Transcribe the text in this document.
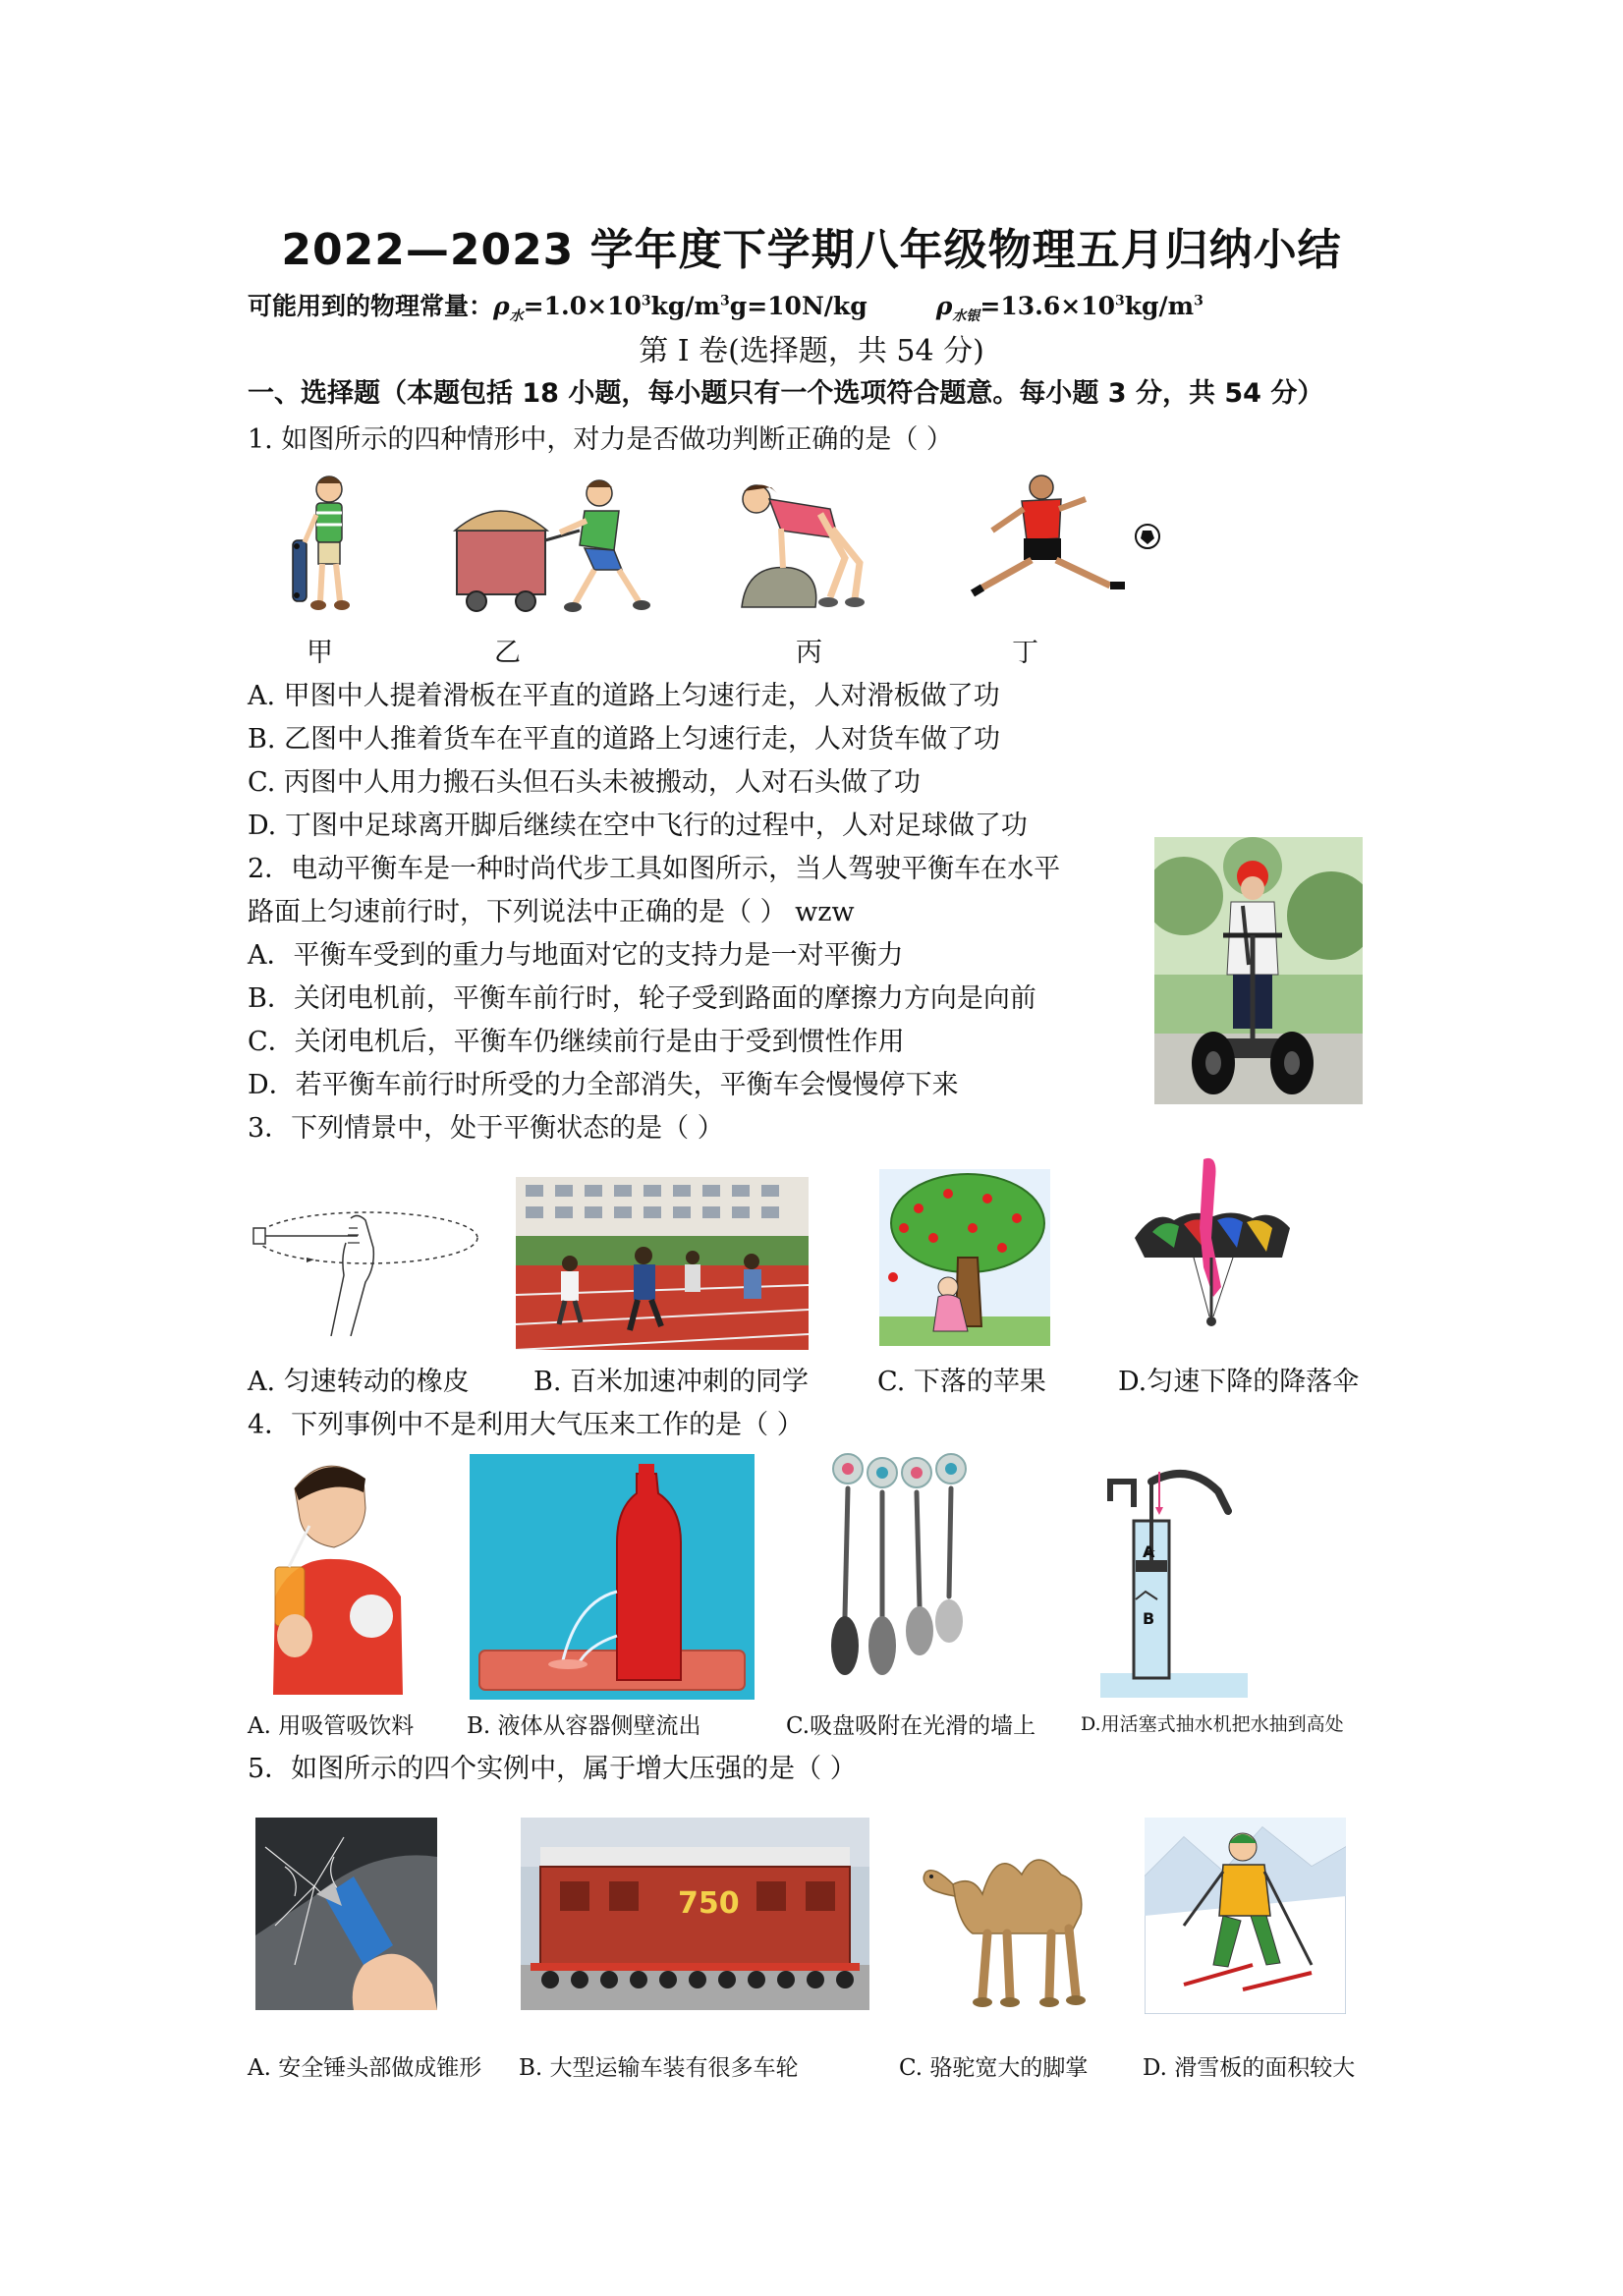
2022—2023 学年度下学期八年级物理五月归纳小结
可能用到的物理常量：$\rho_水=1.0\times 10^3kg/m^3g=10N/kg$	$\rho_{水银}=13.6\times 10^3kg/m^3$
第 I 卷(选择题，共 54 分)
一、选择题（本题包括 18 小题，每小题只有一个选项符合题意。每小题 3 分，共 54 分）
1. 如图所示的四种情形中，对力是否做功判断正确的是（ ）
甲	乙	丙	丁
A. 甲图中人提着滑板在平直的道路上匀速行走，人对滑板做了功
B. 乙图中人推着货车在平直的道路上匀速行走，人对货车做了功
C. 丙图中人用力搬石头但石头未被搬动，人对石头做了功
D. 丁图中足球离开脚后继续在空中飞行的过程中，人对足球做了功
2．电动平衡车是一种时尚代步工具如图所示，当人驾驶平衡车在水平
路面上匀速前行时，下列说法中正确的是（ ） wzw
A．平衡车受到的重力与地面对它的支持力是一对平衡力
B．关闭电机前，平衡车前行时，轮子受到路面的摩擦力方向是向前
C．关闭电机后，平衡车仍继续前行是由于受到惯性作用
D．若平衡车前行时所受的力全部消失，平衡车会慢慢停下来
3．下列情景中，处于平衡状态的是（ ）
A. 匀速转动的橡皮 B. 百米加速冲刺的同学	C. 下落的苹果	D.匀速下降的降落伞
4．下列事例中不是利用大气压来工作的是（ ）
A
B
A. 用吸管吸饮料 B. 液体从容器侧壁流出	C.吸盘吸附在光滑的墙上 D.用活塞式抽水机把水抽到高处
5．如图所示的四个实例中，属于增大压强的是（ ）
750
A. 安全锤头部做成锥形 B. 大型运输车装有很多车轮	C. 骆驼宽大的脚掌 D. 滑雪板的面积较大
